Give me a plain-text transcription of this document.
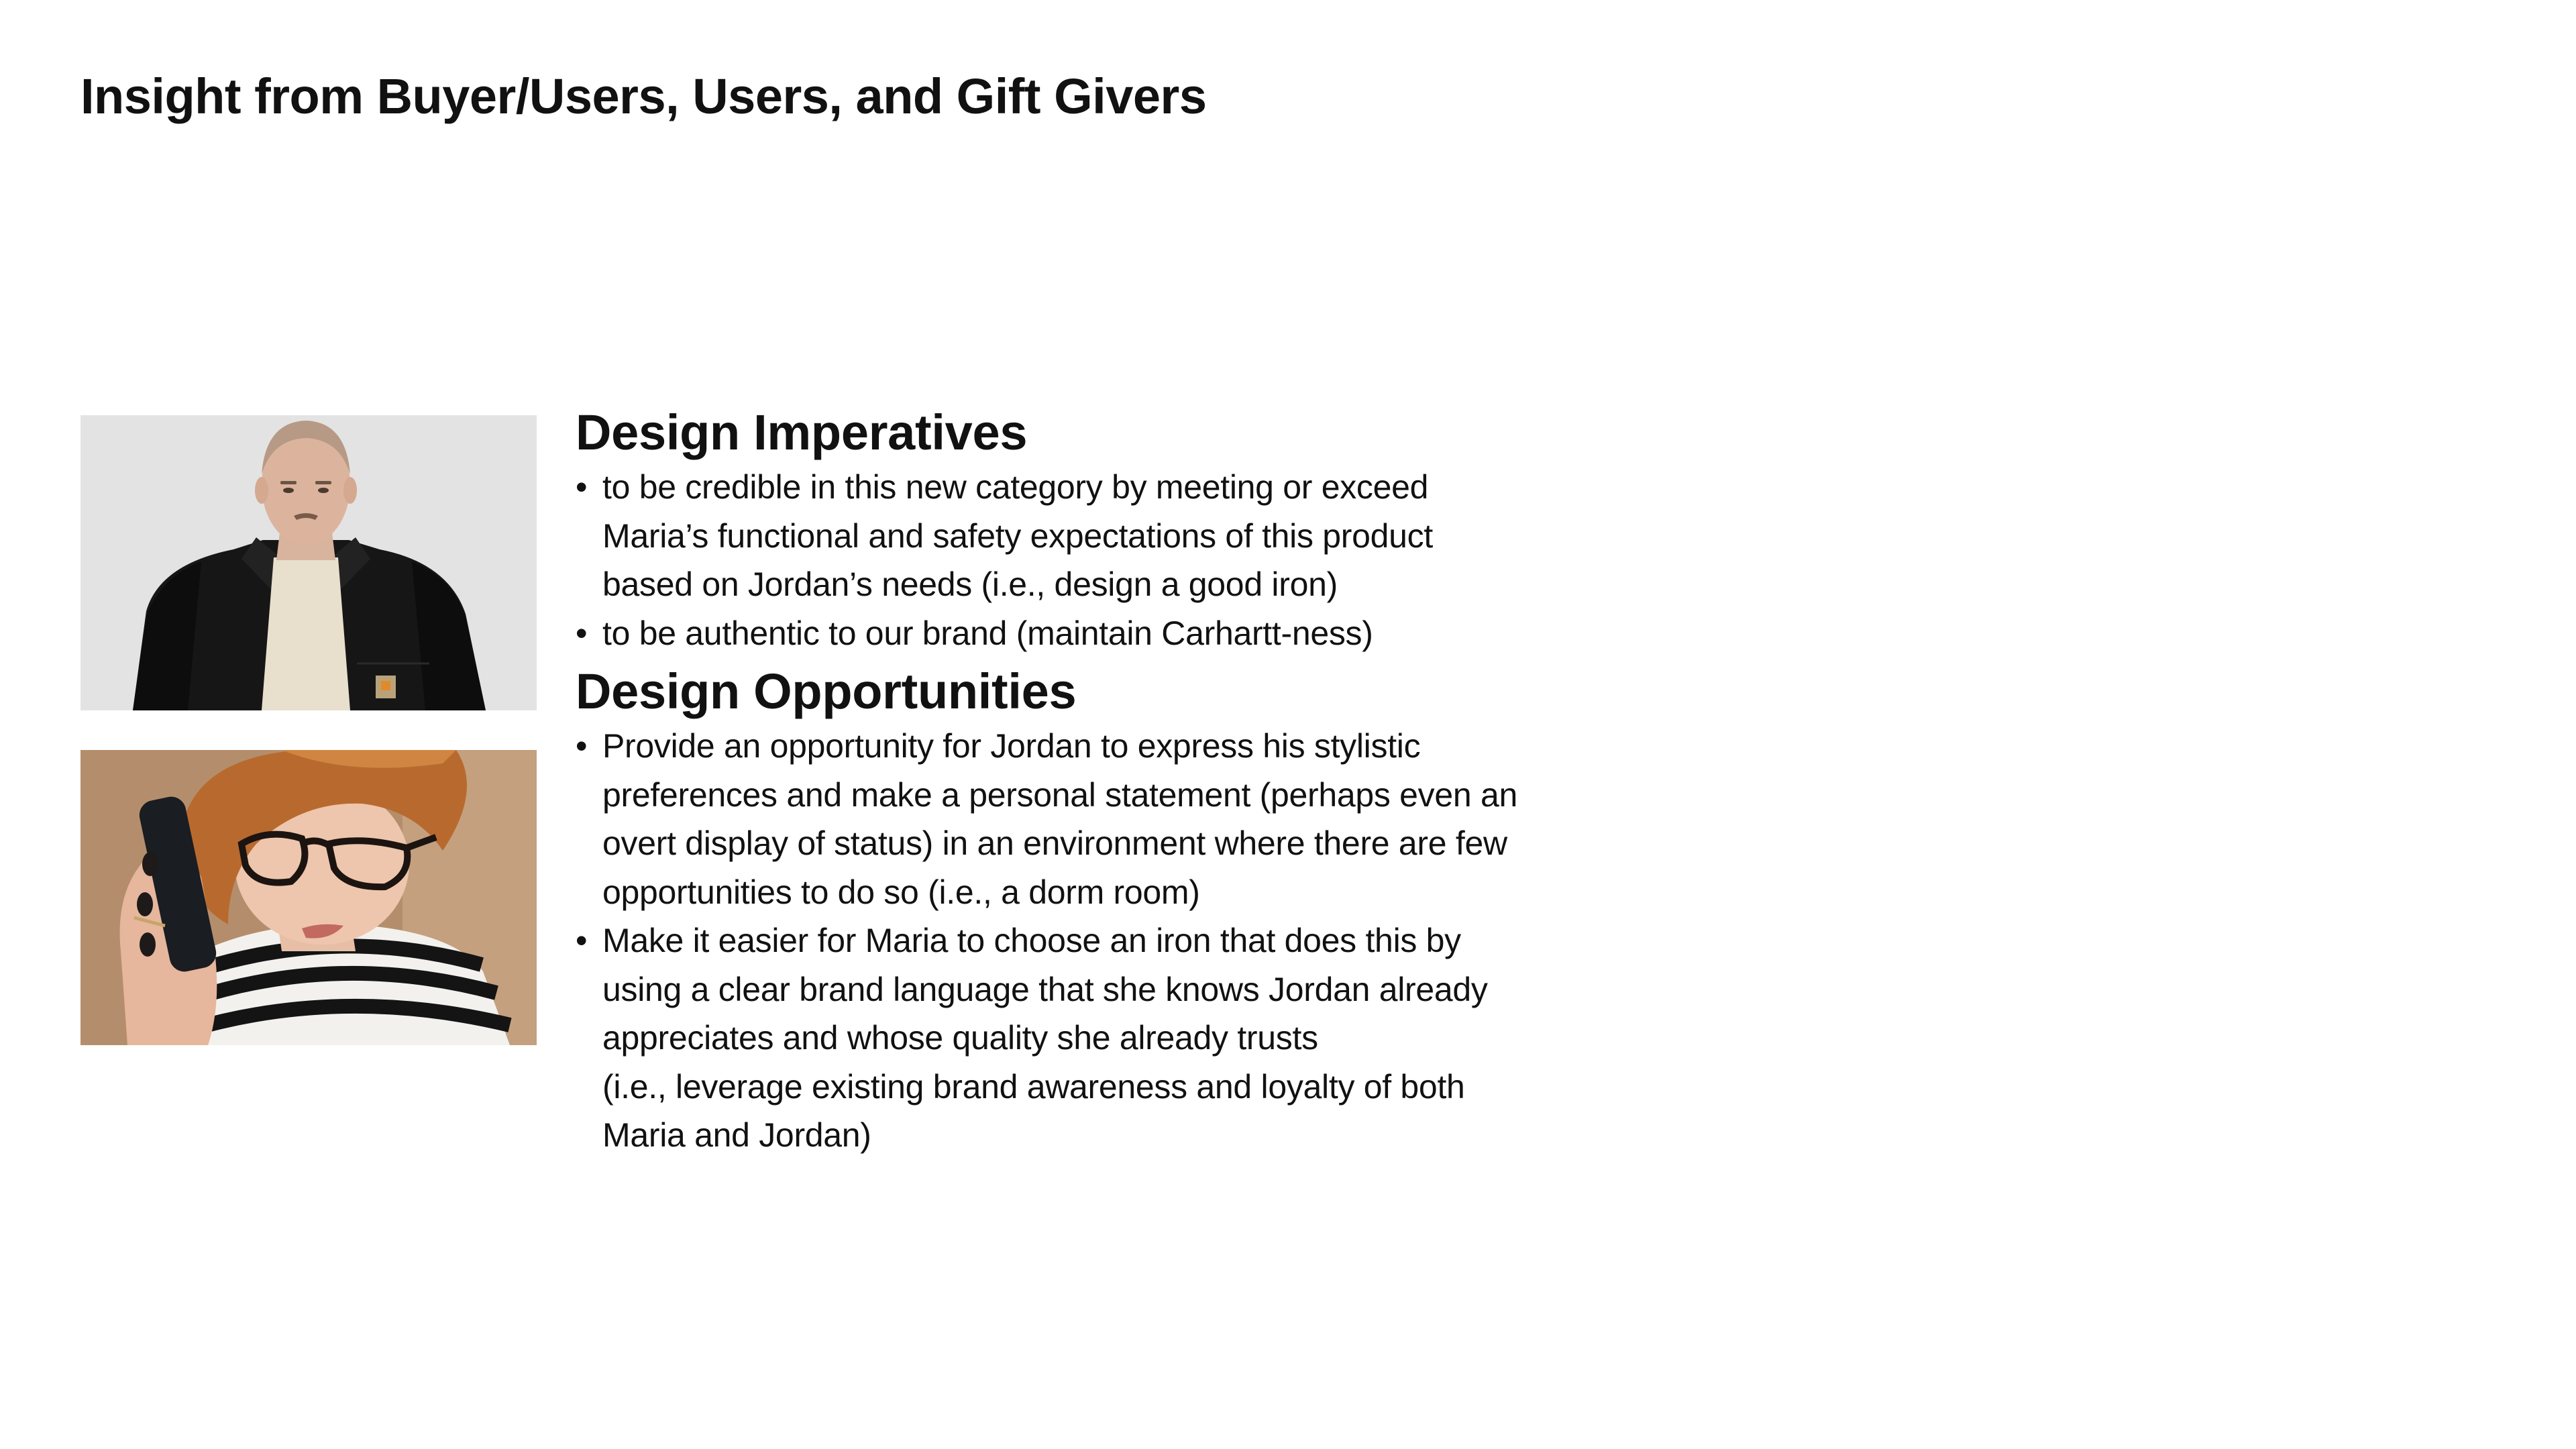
Insight from Buyer/Users, Users, and Gift Givers
Design Imperatives
• to be credible in this new category by meeting or exceed
Maria’s functional and safety expectations of this product
based on Jordan’s needs (i.e., design a good iron)
• to be authentic to our brand (maintain Carhartt-ness)
Design Opportunities
• Provide an opportunity for Jordan to express his stylistic
preferences and make a personal statement (perhaps even an
overt display of status) in an environment where there are few
opportunities to do so (i.e., a dorm room)
• Make it easier for Maria to choose an iron that does this by
using a clear brand language that she knows Jordan already
appreciates and whose quality she already trusts
(i.e., leverage existing brand awareness and loyalty of both
Maria and Jordan)
